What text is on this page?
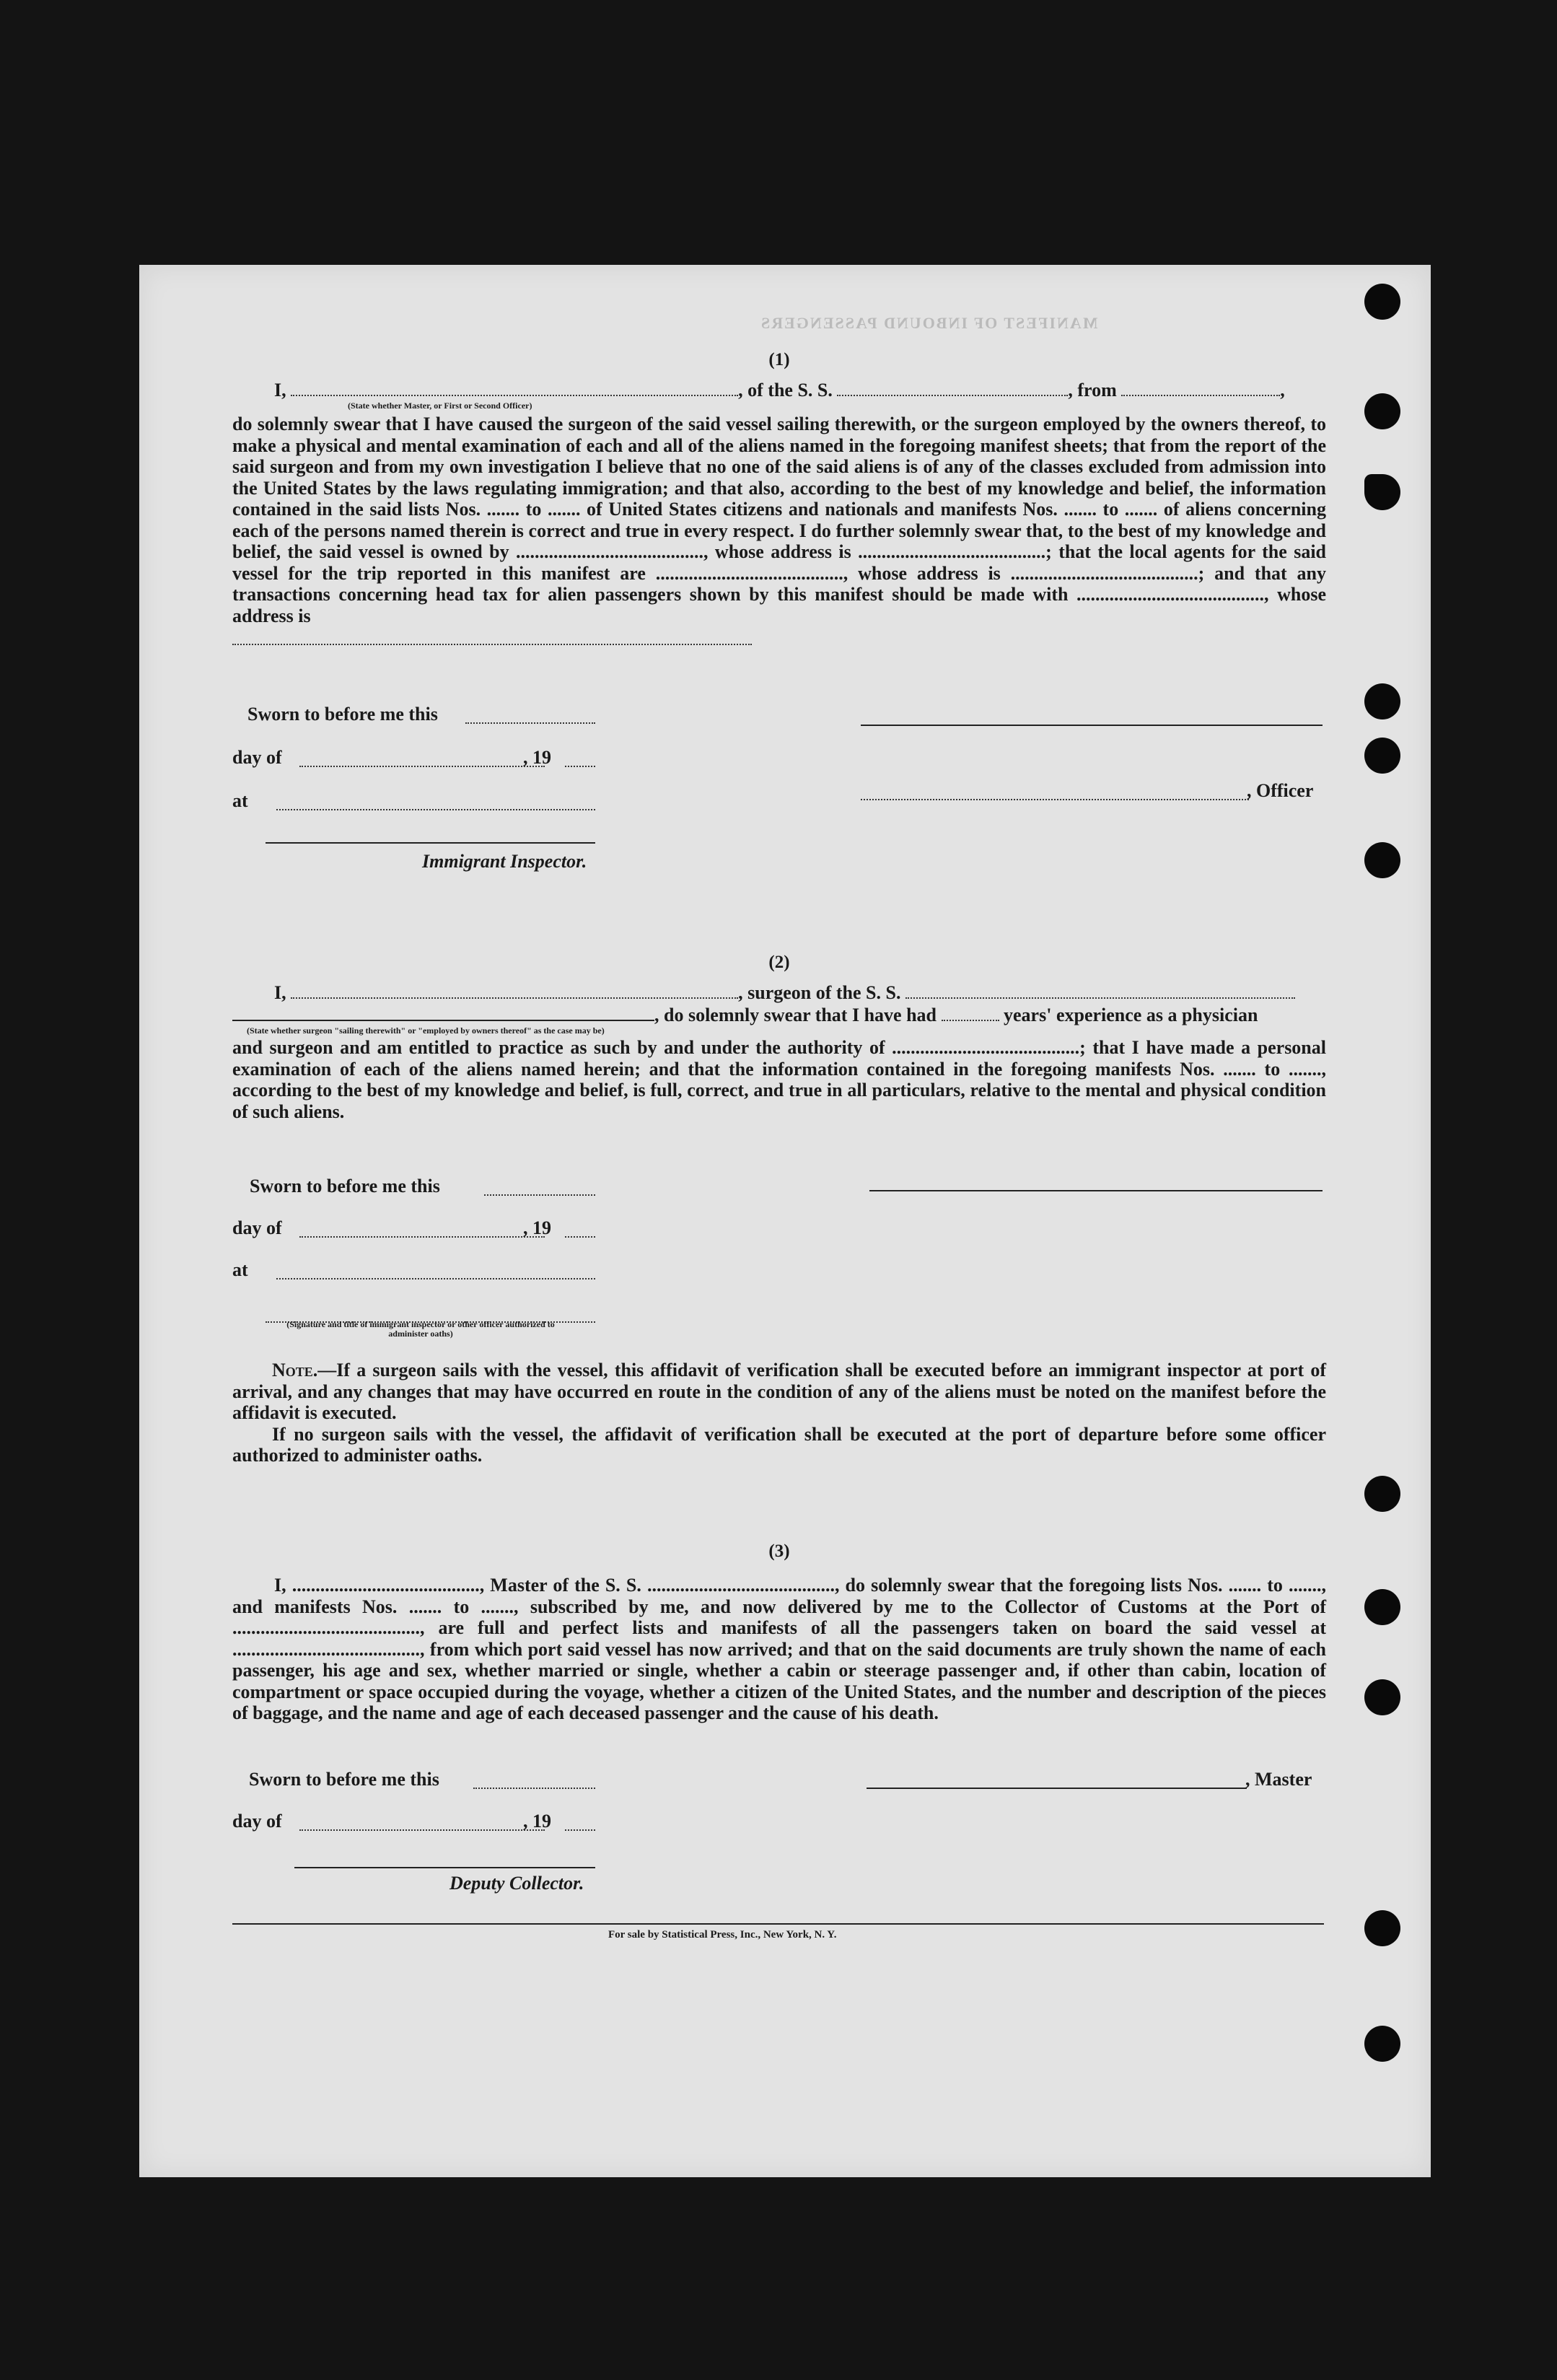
MANIFEST OF INBOUND PASSENGERS
(1)
I,	, of the S. S.	, from	,
(State whether Master, or First or Second Officer)
do solemnly swear that I have caused the surgeon of the said vessel sailing therewith, or the surgeon employed by the owners thereof, to make a physical and mental examination of each and all of the aliens named in the foregoing manifest sheets; that from the report of the said surgeon and from my own investigation I believe that no one of the said aliens is of any of the classes excluded from admission into the United States by the laws regulating immigration; and that also, according to the best of my knowledge and belief, the information contained in the said lists Nos. ....... to ....... of United States citizens and nationals and manifests Nos. ....... to ....... of aliens concerning each of the persons named therein is correct and true in every respect. I do further solemnly swear that, to the best of my knowledge and belief, the said vessel is owned by ........................................, whose address is ........................................; that the local agents for the said vessel for the trip reported in this manifest are ........................................, whose address is ........................................; and that any transactions concerning head tax for alien passengers shown by this manifest should be made with ........................................, whose address is
Sworn to before me this
day of	, 19
at
Immigrant Inspector.
, Officer
(2)
I,	, surgeon of the S. S.
, do solemnly swear that I have had	years' experience as a physician
(State whether surgeon "sailing therewith" or "employed by owners thereof" as the case may be)
and surgeon and am entitled to practice as such by and under the authority of ........................................; that I have made a personal examination of each of the aliens named herein; and that the information contained in the foregoing manifests Nos. ....... to ......., according to the best of my knowledge and belief, is full, correct, and true in all particulars, relative to the mental and physical condition of such aliens.
Sworn to before me this
day of	, 19
at
(Signature and title of immigrant inspector or other officer authorized to administer oaths)
Note.—If a surgeon sails with the vessel, this affidavit of verification shall be executed before an immigrant inspector at port of arrival, and any changes that may have occurred en route in the condition of any of the aliens must be noted on the manifest before the affidavit is executed.
If no surgeon sails with the vessel, the affidavit of verification shall be executed at the port of departure before some officer authorized to administer oaths.
(3)
I, ........................................, Master of the S. S. ........................................, do solemnly swear that the foregoing lists Nos. ....... to ......., and manifests Nos. ....... to ......., subscribed by me, and now delivered by me to the Collector of Customs at the Port of ........................................, are full and perfect lists and manifests of all the passengers taken on board the said vessel at ........................................, from which port said vessel has now arrived; and that on the said documents are truly shown the name of each passenger, his age and sex, whether married or single, whether a cabin or steerage passenger and, if other than cabin, location of compartment or space occupied during the voyage, whether a citizen of the United States, and the number and description of the pieces of baggage, and the name and age of each deceased passenger and the cause of his death.
Sworn to before me this	, Master
day of	, 19
Deputy Collector.
For sale by Statistical Press, Inc., New York, N. Y.
